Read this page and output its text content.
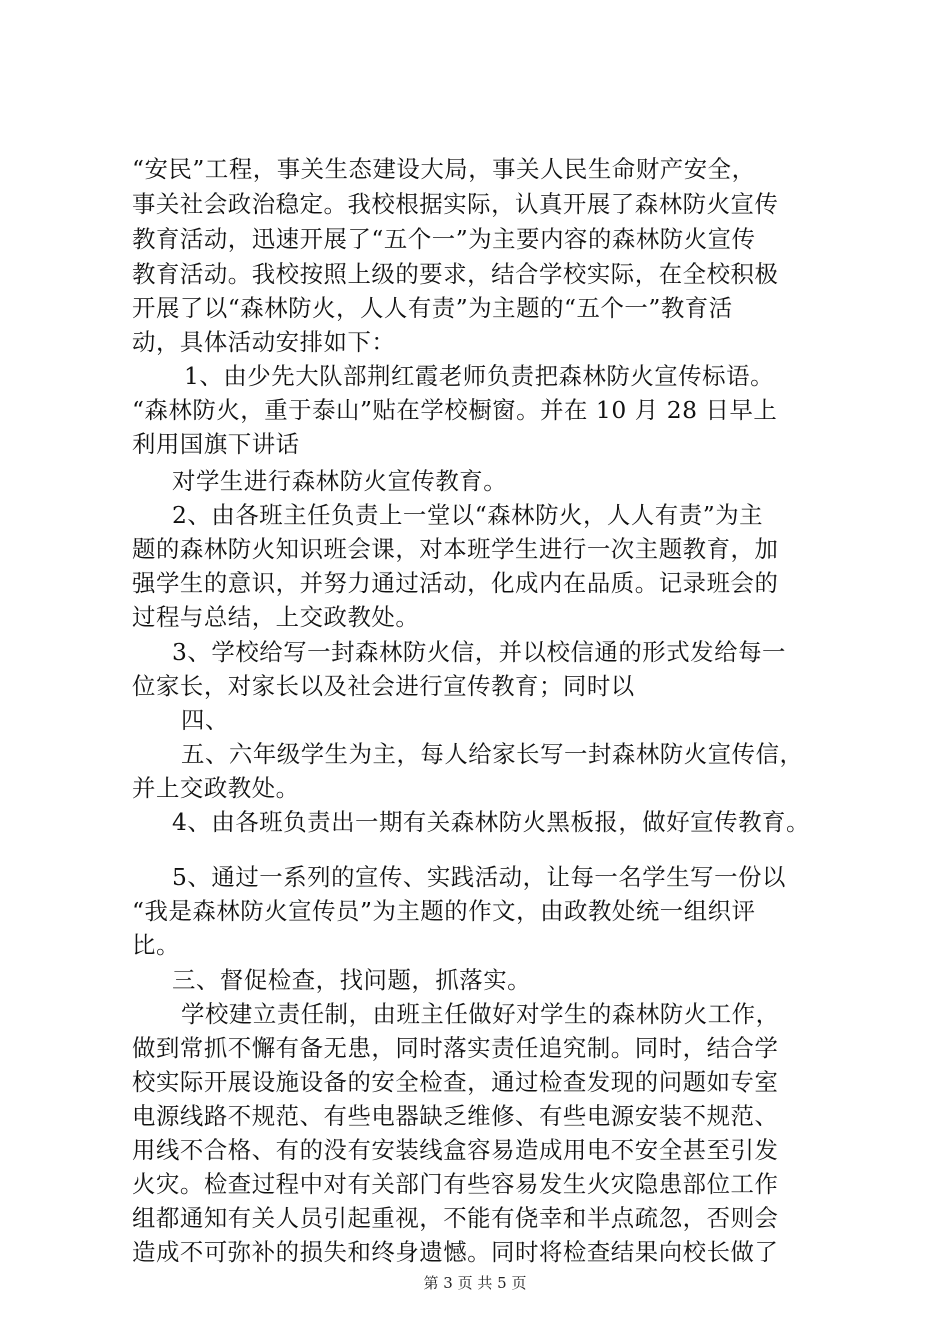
“安民”工程，事关生态建设大局，事关人民生命财产安全，
事关社会政治稳定。我校根据实际，认真开展了森林防火宣传
教育活动，迅速开展了“五个一”为主要内容的森林防火宣传
教育活动。我校按照上级的要求，结合学校实际，在全校积极
开展了以“森林防火，人人有责”为主题的“五个一”教育活
动，具体活动安排如下：
1、由少先大队部荆红霞老师负责把森林防火宣传标语。
“森林防火，重于泰山”贴在学校橱窗。并在 10 月 28 日早上
利用国旗下讲话
对学生进行森林防火宣传教育。
2、由各班主任负责上一堂以“森林防火，人人有责”为主
题的森林防火知识班会课，对本班学生进行一次主题教育，加
强学生的意识，并努力通过活动，化成内在品质。记录班会的
过程与总结，上交政教处。
3、学校给写一封森林防火信，并以校信通的形式发给每一
位家长，对家长以及社会进行宣传教育；同时以
四、
五、六年级学生为主，每人给家长写一封森林防火宣传信，
并上交政教处。
4、由各班负责出一期有关森林防火黑板报，做好宣传教育。
5、通过一系列的宣传、实践活动，让每一名学生写一份以
“我是森林防火宣传员”为主题的作文，由政教处统一组织评
比。
三、督促检查，找问题，抓落实。
学校建立责任制，由班主任做好对学生的森林防火工作，
做到常抓不懈有备无患，同时落实责任追究制。同时，结合学
校实际开展设施设备的安全检查，通过检查发现的问题如专室
电源线路不规范、有些电器缺乏维修、有些电源安装不规范、
用线不合格、有的没有安装线盒容易造成用电不安全甚至引发
火灾。检查过程中对有关部门有些容易发生火灾隐患部位工作
组都通知有关人员引起重视，不能有侥幸和半点疏忽，否则会
造成不可弥补的损失和终身遗憾。同时将检查结果向校长做了
第 3 页 共 5 页
